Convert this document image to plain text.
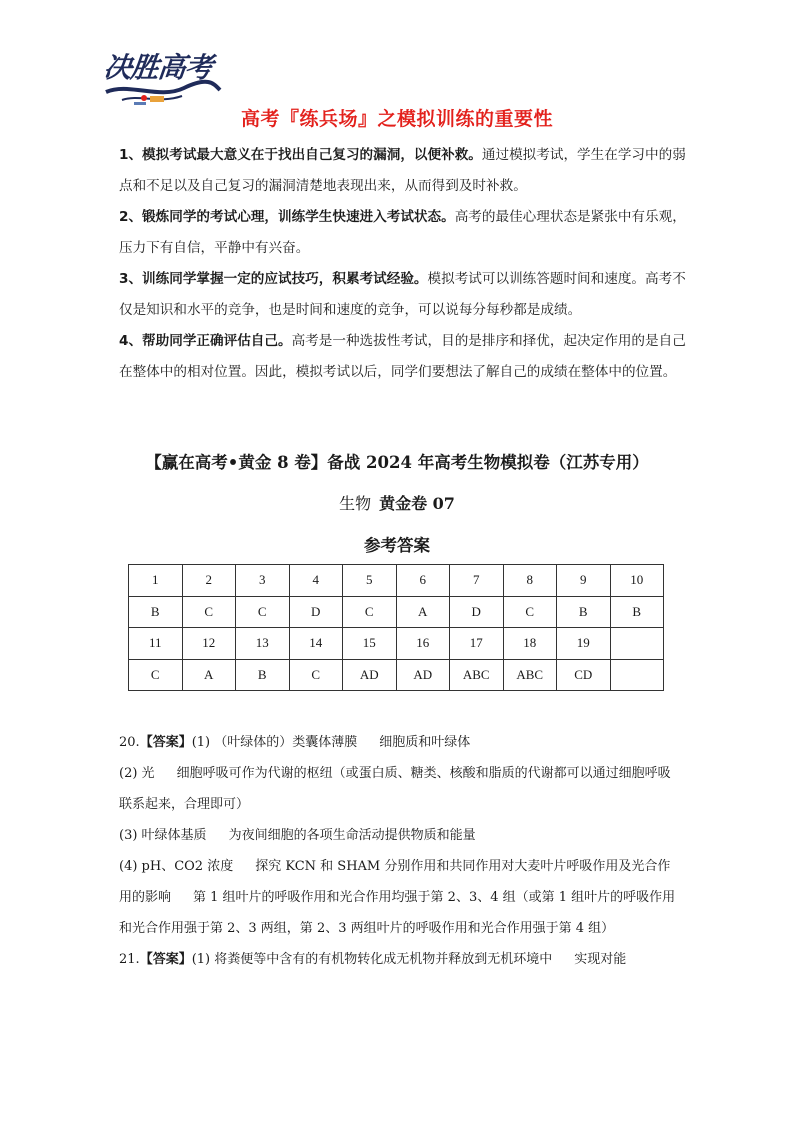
决胜高考
高考『练兵场』之模拟训练的重要性

1、模拟考试最大意义在于找出自己复习的漏洞，以便补救。通过模拟考试，学生在学习中的弱点和不足以及自己复习的漏洞清楚地表现出来，从而得到及时补救。

2、锻炼同学的考试心理，训练学生快速进入考试状态。高考的最佳心理状态是紧张中有乐观，压力下有自信，平静中有兴奋。

3、训练同学掌握一定的应试技巧，积累考试经验。模拟考试可以训练答题时间和速度。高考不仅是知识和水平的竞争，也是时间和速度的竞争，可以说每分每秒都是成绩。

4、帮助同学正确评估自己。高考是一种选拔性考试，目的是排序和择优，起决定作用的是自己在整体中的相对位置。因此，模拟考试以后，同学们要想法了解自己的成绩在整体中的位置。

【赢在高考•黄金 8 卷】备战 2024 年高考生物模拟卷（江苏专用）
生物 黄金卷 07
参考答案
1	2	3	4	5	6	7	8	9	10
B	C	C	D	C	A	D	C	B	B
11	12	13	14	15	16	17	18	19	
C	A	B	C	AD	AD	ABC	ABC	CD	

20.【答案】(1) （叶绿体的）类囊体薄膜 细胞质和叶绿体

(2) 光 细胞呼吸可作为代谢的枢纽（或蛋白质、糖类、核酸和脂质的代谢都可以通过细胞呼吸联系起来，合理即可）

(3) 叶绿体基质 为夜间细胞的各项生命活动提供物质和能量

(4) pH、CO2 浓度 探究 KCN 和 SHAM 分别作用和共同作用对大麦叶片呼吸作用及光合作用的影响 第 1 组叶片的呼吸作用和光合作用均强于第 2、3、4 组（或第 1 组叶片的呼吸作用和光合作用强于第 2、3 两组，第 2、3 两组叶片的呼吸作用和光合作用强于第 4 组）

21.【答案】(1) 将粪便等中含有的有机物转化成无机物并释放到无机环境中 实现对能
